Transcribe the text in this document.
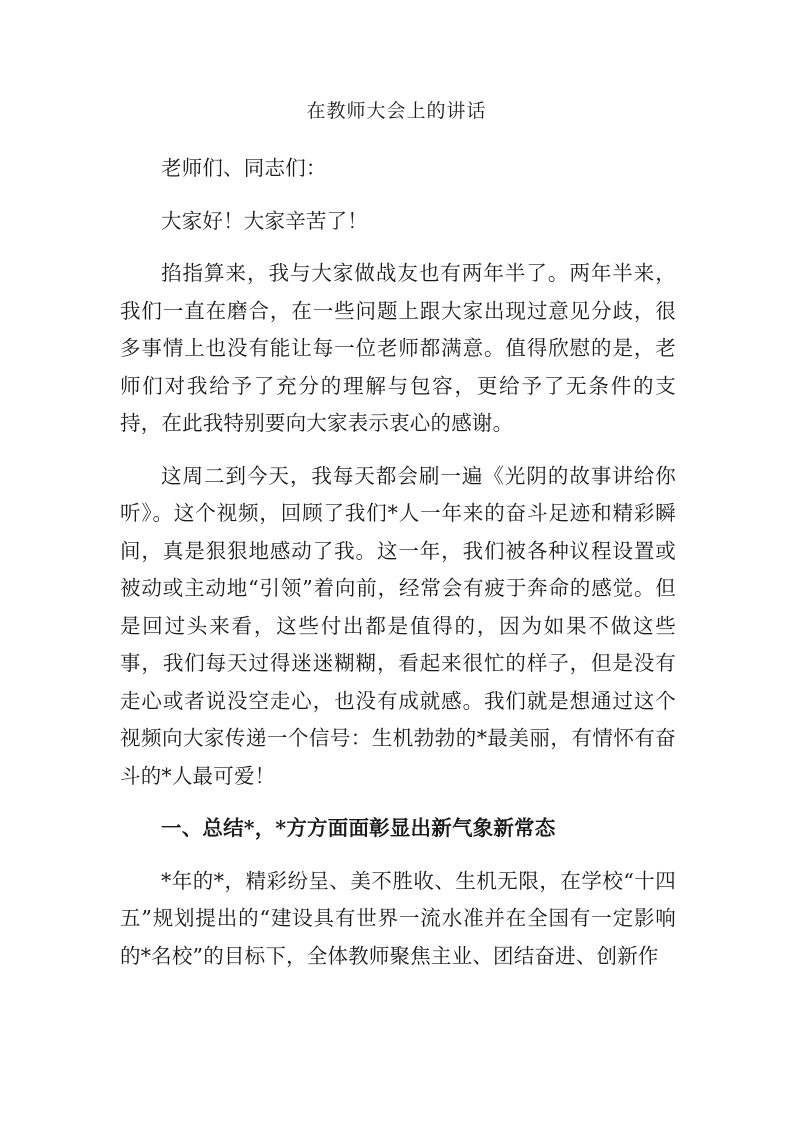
在教师大会上的讲话

老师们、同志们：

大家好！大家辛苦了！

掐指算来，我与大家做战友也有两年半了。两年半来，我们一直在磨合，在一些问题上跟大家出现过意见分歧，很多事情上也没有能让每一位老师都满意。值得欣慰的是，老师们对我给予了充分的理解与包容，更给予了无条件的支持，在此我特别要向大家表示衷心的感谢。

这周二到今天，我每天都会刷一遍《光阴的故事讲给你听》。这个视频，回顾了我们*人一年来的奋斗足迹和精彩瞬间，真是狠狠地感动了我。这一年，我们被各种议程设置或被动或主动地“引领”着向前，经常会有疲于奔命的感觉。但是回过头来看，这些付出都是值得的，因为如果不做这些事，我们每天过得迷迷糊糊，看起来很忙的样子，但是没有走心或者说没空走心，也没有成就感。我们就是想通过这个视频向大家传递一个信号：生机勃勃的*最美丽，有情怀有奋斗的*人最可爱！

一、总结*，*方方面面彰显出新气象新常态

*年的*，精彩纷呈、美不胜收、生机无限，在学校“十四五”规划提出的“建设具有世界一流水准并在全国有一定影响的*名校”的目标下，全体教师聚焦主业、团结奋进、创新作
